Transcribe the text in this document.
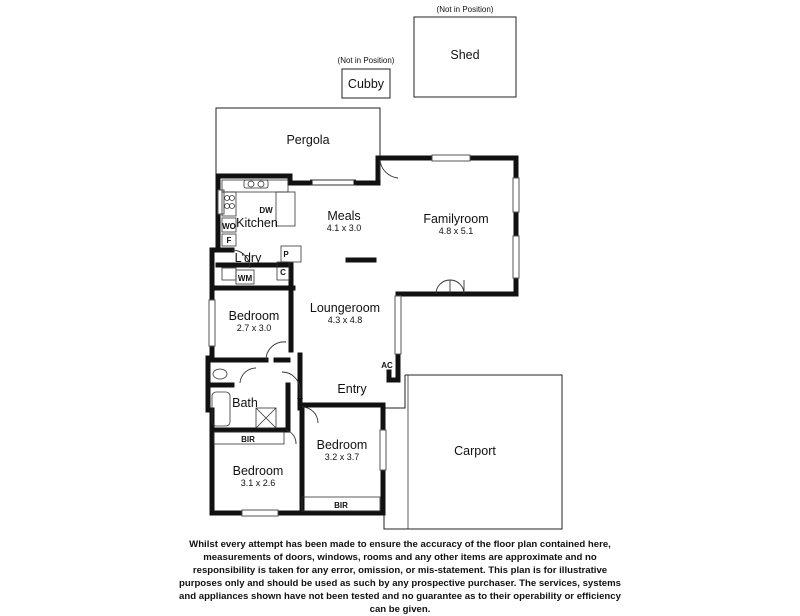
(Not in Position)
Shed
(Not in Position)
Cubby
Pergola
Carport
DW
WO
F
P
C
WM
AC
BIR
BIR
Kitchen	Meals
4.1 x 3.0
Familyroom
4.8 x 5.1
L'dry
Bedroom
2.7 x 3.0
Loungeroom
4.3 x 4.8
Entry
Bath
Bedroom
3.2 x 3.7
Bedroom
3.1 x 2.6
Whilst every attempt has been made to ensure the accuracy of the floor plan contained here, measurements of doors, windows, rooms and any other items are approximate and no responsibility is taken for any error, omission, or mis-statement. This plan is for illustrative purposes only and should be used as such by any prospective purchaser. The services, systems and appliances shown have not been tested and no guarantee as to their operability or efficiency can be given.
